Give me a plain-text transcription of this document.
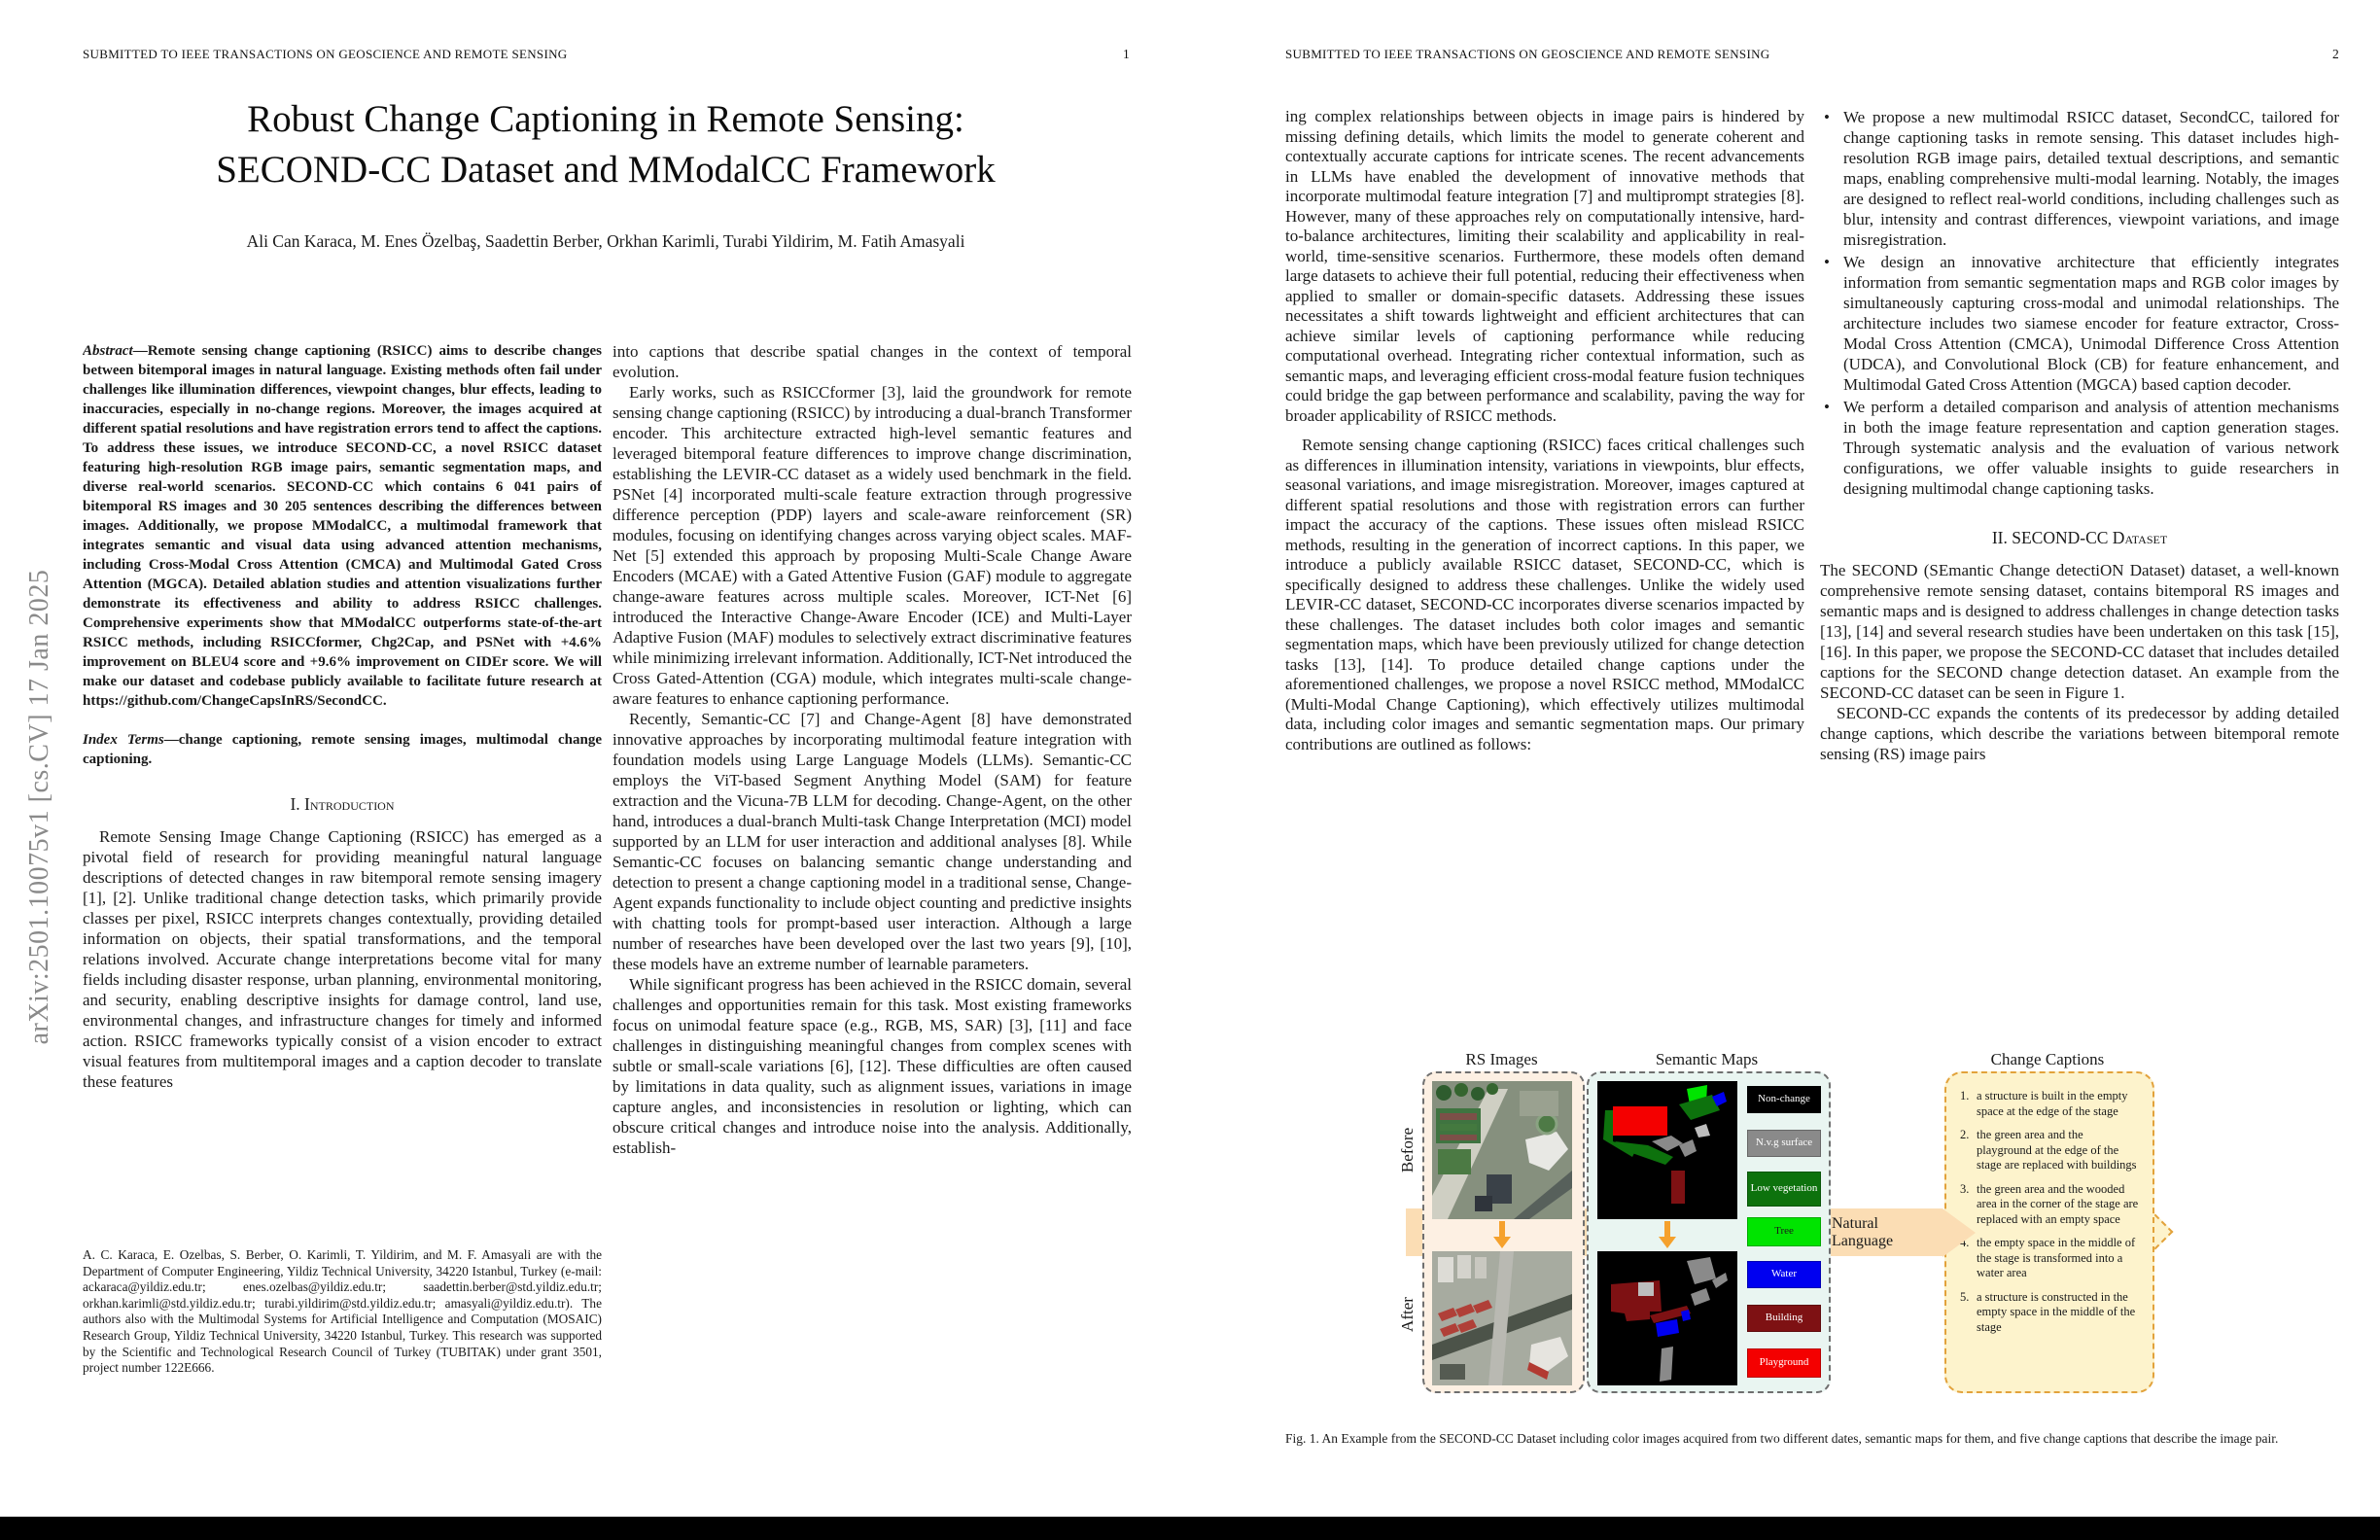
arXiv:2501.10075v1 [cs.CV] 17 Jan 2025
SUBMITTED TO IEEE TRANSACTIONS ON GEOSCIENCE AND REMOTE SENSING	1
Robust Change Captioning in Remote Sensing:
SECOND-CC Dataset and MModalCC Framework
Ali Can Karaca, M. Enes Özelbaş, Saadettin Berber, Orkhan Karimli, Turabi Yildirim, M. Fatih Amasyali

Abstract—Remote sensing change captioning (RSICC) aims to describe changes between bitemporal images in natural language. Existing methods often fail under challenges like illumination differences, viewpoint changes, blur effects, leading to inaccuracies, especially in no-change regions. Moreover, the images acquired at different spatial resolutions and have registration errors tend to affect the captions. To address these issues, we introduce SECOND-CC, a novel RSICC dataset featuring high-resolution RGB image pairs, semantic segmentation maps, and diverse real-world scenarios. SECOND-CC which contains 6 041 pairs of bitemporal RS images and 30 205 sentences describing the differences between images. Additionally, we propose MModalCC, a multimodal framework that integrates semantic and visual data using advanced attention mechanisms, including Cross-Modal Cross Attention (CMCA) and Multimodal Gated Cross Attention (MGCA). Detailed ablation studies and attention visualizations further demonstrate its effectiveness and ability to address RSICC challenges. Comprehensive experiments show that MModalCC outperforms state-of-the-art RSICC methods, including RSICCformer, Chg2Cap, and PSNet with +4.6% improvement on BLEU4 score and +9.6% improvement on CIDEr score. We will make our dataset and codebase publicly available to facilitate future research at https://github.com/ChangeCapsInRS/SecondCC.

Index Terms—change captioning, remote sensing images, multimodal change captioning.

I. Introduction

Remote Sensing Image Change Captioning (RSICC) has emerged as a pivotal field of research for providing meaningful natural language descriptions of detected changes in raw bitemporal remote sensing imagery [1], [2]. Unlike traditional change detection tasks, which primarily provide classes per pixel, RSICC interprets changes contextually, providing detailed information on objects, their spatial transformations, and the temporal relations involved. Accurate change interpretations become vital for many fields including disaster response, urban planning, environmental monitoring, and security, enabling descriptive insights for damage control, land use, environmental changes, and infrastructure changes for timely and informed action. RSICC frameworks typically consist of a vision encoder to extract visual features from multitemporal images and a caption decoder to translate these features

A. C. Karaca, E. Ozelbas, S. Berber, O. Karimli, T. Yildirim, and M. F. Amasyali are with the Department of Computer Engineering, Yildiz Technical University, 34220 Istanbul, Turkey (e-mail: ackaraca@yildiz.edu.tr; enes.ozelbas@yildiz.edu.tr; saadettin.berber@std.yildiz.edu.tr; orkhan.karimli@std.yildiz.edu.tr; turabi.yildirim@std.yildiz.edu.tr; amasyali@yildiz.edu.tr). The authors also with the Multimodal Systems for Artificial Intelligence and Computation (MOSAIC) Research Group, Yildiz Technical University, 34220 Istanbul, Turkey. This research was supported by the Scientific and Technological Research Council of Turkey (TUBITAK) under grant 3501, project number 122E666.

into captions that describe spatial changes in the context of temporal evolution.

Early works, such as RSICCformer [3], laid the groundwork for remote sensing change captioning (RSICC) by introducing a dual-branch Transformer encoder. This architecture extracted high-level semantic features and leveraged bitemporal feature differences to improve change discrimination, establishing the LEVIR-CC dataset as a widely used benchmark in the field. PSNet [4] incorporated multi-scale feature extraction through progressive difference perception (PDP) layers and scale-aware reinforcement (SR) modules, focusing on identifying changes across varying object scales. MAF-Net [5] extended this approach by proposing Multi-Scale Change Aware Encoders (MCAE) with a Gated Attentive Fusion (GAF) module to aggregate change-aware features across multiple scales. Moreover, ICT-Net [6] introduced the Interactive Change-Aware Encoder (ICE) and Multi-Layer Adaptive Fusion (MAF) modules to selectively extract discriminative features while minimizing irrelevant information. Additionally, ICT-Net introduced the Cross Gated-Attention (CGA) module, which integrates multi-scale change-aware features to enhance captioning performance.

Recently, Semantic-CC [7] and Change-Agent [8] have demonstrated innovative approaches by incorporating multimodal feature integration with foundation models using Large Language Models (LLMs). Semantic-CC employs the ViT-based Segment Anything Model (SAM) for feature extraction and the Vicuna-7B LLM for decoding. Change-Agent, on the other hand, introduces a dual-branch Multi-task Change Interpretation (MCI) model supported by an LLM for user interaction and additional analyses [8]. While Semantic-CC focuses on balancing semantic change understanding and detection to present a change captioning model in a traditional sense, Change-Agent expands functionality to include object counting and predictive insights with chatting tools for prompt-based user interaction. Although a large number of researches have been developed over the last two years [9], [10], these models have an extreme number of learnable parameters.

While significant progress has been achieved in the RSICC domain, several challenges and opportunities remain for this task. Most existing frameworks focus on unimodal feature space (e.g., RGB, MS, SAR) [3], [11] and face challenges in distinguishing meaningful changes from complex scenes with subtle or small-scale variations [6], [12]. These difficulties are often caused by limitations in data quality, such as alignment issues, variations in image capture angles, and inconsistencies in resolution or lighting, which can obscure critical changes and introduce noise into the analysis. Additionally, establish-

SUBMITTED TO IEEE TRANSACTIONS ON GEOSCIENCE AND REMOTE SENSING	2

ing complex relationships between objects in image pairs is hindered by missing defining details, which limits the model to generate coherent and contextually accurate captions for intricate scenes. The recent advancements in LLMs have enabled the development of innovative methods that incorporate multimodal feature integration [7] and multiprompt strategies [8]. However, many of these approaches rely on computationally intensive, hard-to-balance architectures, limiting their scalability and applicability in real-world, time-sensitive scenarios. Furthermore, these models often demand large datasets to achieve their full potential, reducing their effectiveness when applied to smaller or domain-specific datasets. Addressing these issues necessitates a shift towards lightweight and efficient architectures that can achieve similar levels of captioning performance while reducing computational overhead. Integrating richer contextual information, such as semantic maps, and leveraging efficient cross-modal feature fusion techniques could bridge the gap between performance and scalability, paving the way for broader applicability of RSICC methods.

Remote sensing change captioning (RSICC) faces critical challenges such as differences in illumination intensity, variations in viewpoints, blur effects, seasonal variations, and image misregistration. Moreover, images captured at different spatial resolutions and those with registration errors can further impact the accuracy of the captions. These issues often mislead RSICC methods, resulting in the generation of incorrect captions. In this paper, we introduce a publicly available RSICC dataset, SECOND-CC, which is specifically designed to address these challenges. Unlike the widely used LEVIR-CC dataset, SECOND-CC incorporates diverse scenarios impacted by these challenges. The dataset includes both color images and semantic segmentation maps, which have been previously utilized for change detection tasks [13], [14]. To produce detailed change captions under the aforementioned challenges, we propose a novel RSICC method, MModalCC (Multi-Modal Change Captioning), which effectively utilizes multimodal data, including color images and semantic segmentation maps. Our primary contributions are outlined as follows:

• We propose a new multimodal RSICC dataset, SecondCC, tailored for change captioning tasks in remote sensing. This dataset includes high-resolution RGB image pairs, detailed textual descriptions, and semantic maps, enabling comprehensive multi-modal learning. Notably, the images are designed to reflect real-world conditions, including challenges such as blur, intensity and contrast differences, viewpoint variations, and image misregistration.
• We design an innovative architecture that efficiently integrates information from semantic segmentation maps and RGB color images by simultaneously capturing cross-modal and unimodal relationships. The architecture includes two siamese encoder for feature extractor, Cross-Modal Cross Attention (CMCA), Unimodal Difference Cross Attention (UDCA), and Convolutional Block (CB) for feature enhancement, and Multimodal Gated Cross Attention (MGCA) based caption decoder.
• We perform a detailed comparison and analysis of attention mechanisms in both the image feature representation and caption generation stages. Through systematic analysis and the evaluation of various network configurations, we offer valuable insights to guide researchers in designing multimodal change captioning tasks.

II. SECOND-CC Dataset

The SECOND (SEmantic Change detectiON Dataset) dataset, a well-known comprehensive remote sensing dataset, contains bitemporal RS images and semantic maps and is designed to address challenges in change detection tasks [13], [14] and several research studies have been undertaken on this task [15], [16]. In this paper, we propose the SECOND-CC dataset that includes detailed captions for the SECOND change detection dataset. An example from the SECOND-CC dataset can be seen in Figure 1.

SECOND-CC expands the contents of its predecessor by adding detailed change captions, which describe the variations between bitemporal remote sensing (RS) image pairs

RS Images	Semantic Maps	Change Captions
Before
After
Non-change
N.v.g surface
Low vegetation
Tree
Water
Building
Playground
Natural Language
1. a structure is built in the empty space at the edge of the stage
2. the green area and the playground at the edge of the stage are replaced with buildings
3. the green area and the wooded area in the corner of the stage are replaced with an empty space
4. the empty space in the middle of the stage is transformed into a water area
5. a structure is constructed in the empty space in the middle of the stage
Fig. 1. An Example from the SECOND-CC Dataset including color images acquired from two different dates, semantic maps for them, and five change captions that describe the image pair.
